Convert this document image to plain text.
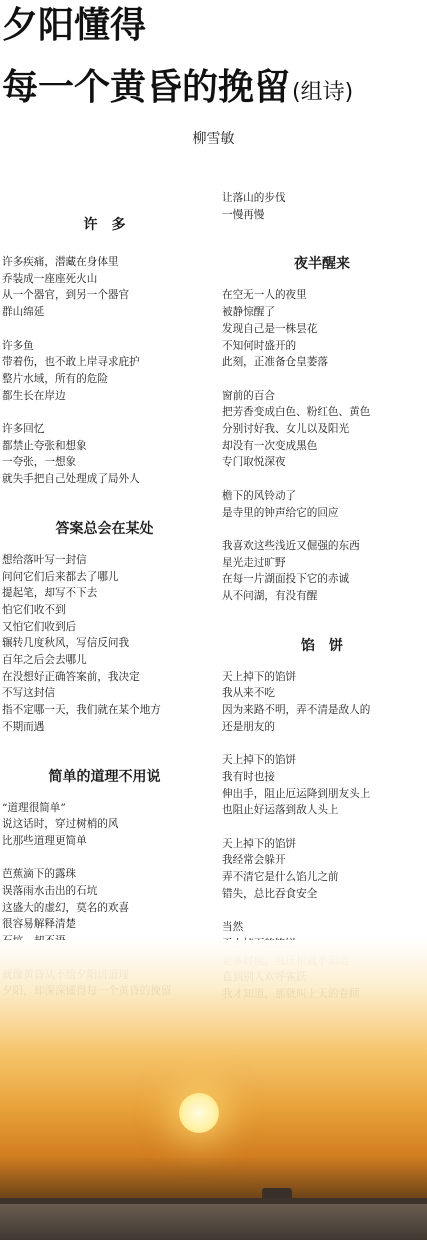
夕阳懂得
每一个黄昏的挽留(组诗)
柳雪敏
许　多
许多疾痛，潜藏在身体里
乔装成一座座死火山
从一个器官，到另一个器官
群山绵延
许多鱼
带着伤，也不敢上岸寻求庇护
整片水域，所有的危险
都生长在岸边
许多回忆
都禁止夸张和想象
一夸张，一想象
就失手把自己处理成了局外人
答案总会在某处
想给落叶写一封信
问问它们后来都去了哪儿
提起笔，却写不下去
怕它们收不到
又怕它们收到后
辗转几度秋风，写信反问我
百年之后会去哪儿
在没想好正确答案前，我决定
不写这封信
指不定哪一天，我们就在某个地方
不期而遇
简单的道理不用说
“道理很简单”
说这话时，穿过树梢的风
比那些道理更简单
芭蕉滴下的露珠
误落雨水击出的石坑
这盛大的虚幻，莫名的欢喜
很容易解释清楚
让落山的步伐
一慢再慢
夜半醒来
在空无一人的夜里
被静惊醒了
发现自己是一株昙花
不知何时盛开的
此刻，正准备仓皇萎落
窗前的百合
把芳香变成白色、粉红色、黄色
分别讨好我、女儿以及阳光
却没有一次变成黑色
专门取悦深夜
檐下的风铃动了
是寺里的钟声给它的回应
我喜欢这些浅近又倔强的东西
星光走过旷野
在每一片湖面投下它的赤诚
从不问湖，有没有醒
馅　饼
天上掉下的馅饼
我从来不吃
因为来路不明，弄不清是敌人的
还是朋友的
天上掉下的馅饼
我有时也接
伸出手，阻止厄运降到朋友头上
也阻止好运落到敌人头上
天上掉下的馅饼
我经常会躲开
弄不清它是什么馅儿之前
错失，总比吞食安全
当然
